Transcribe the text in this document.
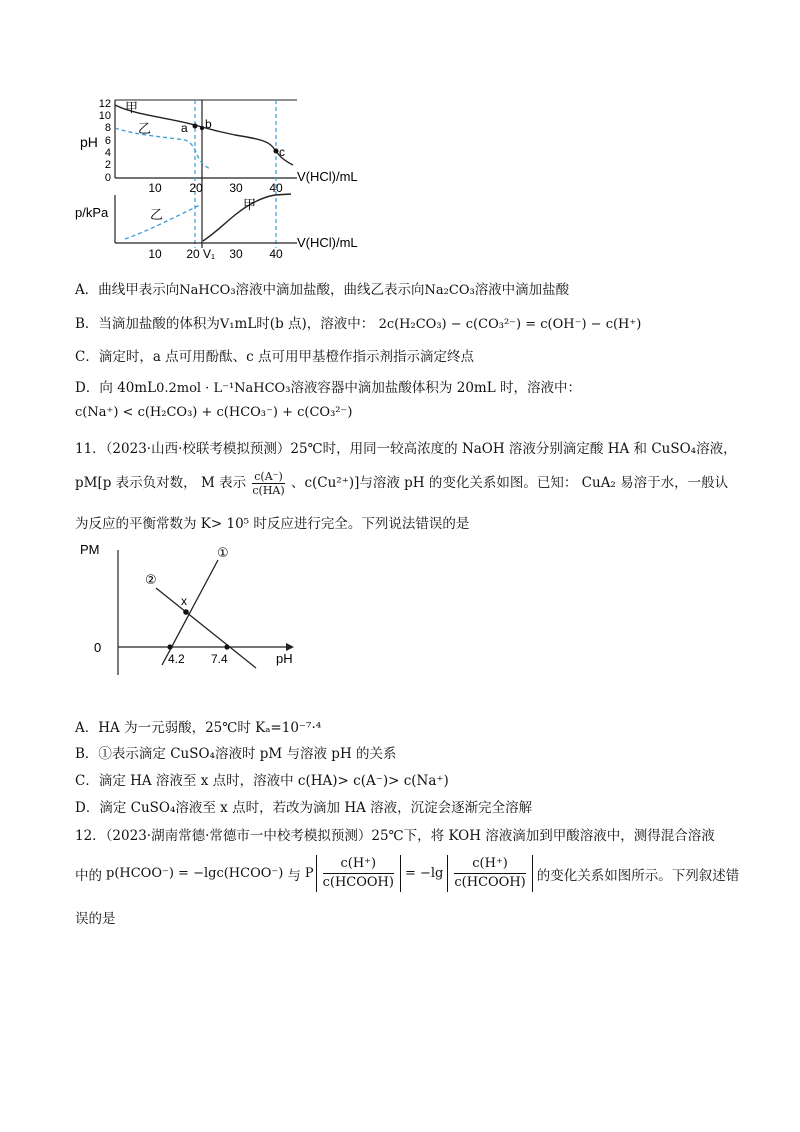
12
10
8
6
4
2
0
pH
10 20 30 40
V(HCl)/mL
甲
乙 a b
c
p/kPa	乙
甲
10 20 V₁ 30 40
V(HCl)/mL
A．曲线甲表示向NaHCO₃溶液中滴加盐酸，曲线乙表示向Na₂CO₃溶液中滴加盐酸
B．当滴加盐酸的体积为V₁mL时(b 点)，溶液中： 2c(H₂CO₃) − c(CO₃²⁻) = c(OH⁻) − c(H⁺)
C．滴定时，a 点可用酚酞、c 点可用甲基橙作指示剂指示滴定终点
D．向 40mL0.2mol · L⁻¹NaHCO₃溶液容器中滴加盐酸体积为 20mL 时，溶液中：
c(Na⁺) < c(H₂CO₃) + c(HCO₃⁻) + c(CO₃²⁻)
11．（2023·山西·校联考模拟预测）25℃时，用同一较高浓度的 NaOH 溶液分别滴定酸 HA 和 CuSO₄溶液，
pM[p 表示负对数， M 表示 $\frac{c(A^-)}{c(HA)}$ 、c(Cu²⁺)]与溶液 pH 的变化关系如图。已知： CuA₂ 易溶于水，一般认
为反应的平衡常数为 K> 10⁵ 时反应进行完全。下列说法错误的是
PM
0
pH
①
②
x
4.2 7.4
A．HA 为一元弱酸，25℃时 Kₐ=10⁻⁷·⁴
B．①表示滴定 CuSO₄溶液时 pM 与溶液 pH 的关系
C．滴定 HA 溶液至 x 点时，溶液中 c(HA)> c(A⁻)> c(Na⁺)
D．滴定 CuSO₄溶液至 x 点时，若改为滴加 HA 溶液，沉淀会逐渐完全溶解
12．（2023·湖南常德·常德市一中校考模拟预测）25℃下，将 KOH 溶液滴加到甲酸溶液中，测得混合溶液
中的 p(HCOO⁻) = −lgc(HCOO⁻) 与 P
c(H⁺)
c(HCOOH)
= −lg
c(H⁺)
c(HCOOH) 的变化关系如图所示。下列叙述错
误的是
